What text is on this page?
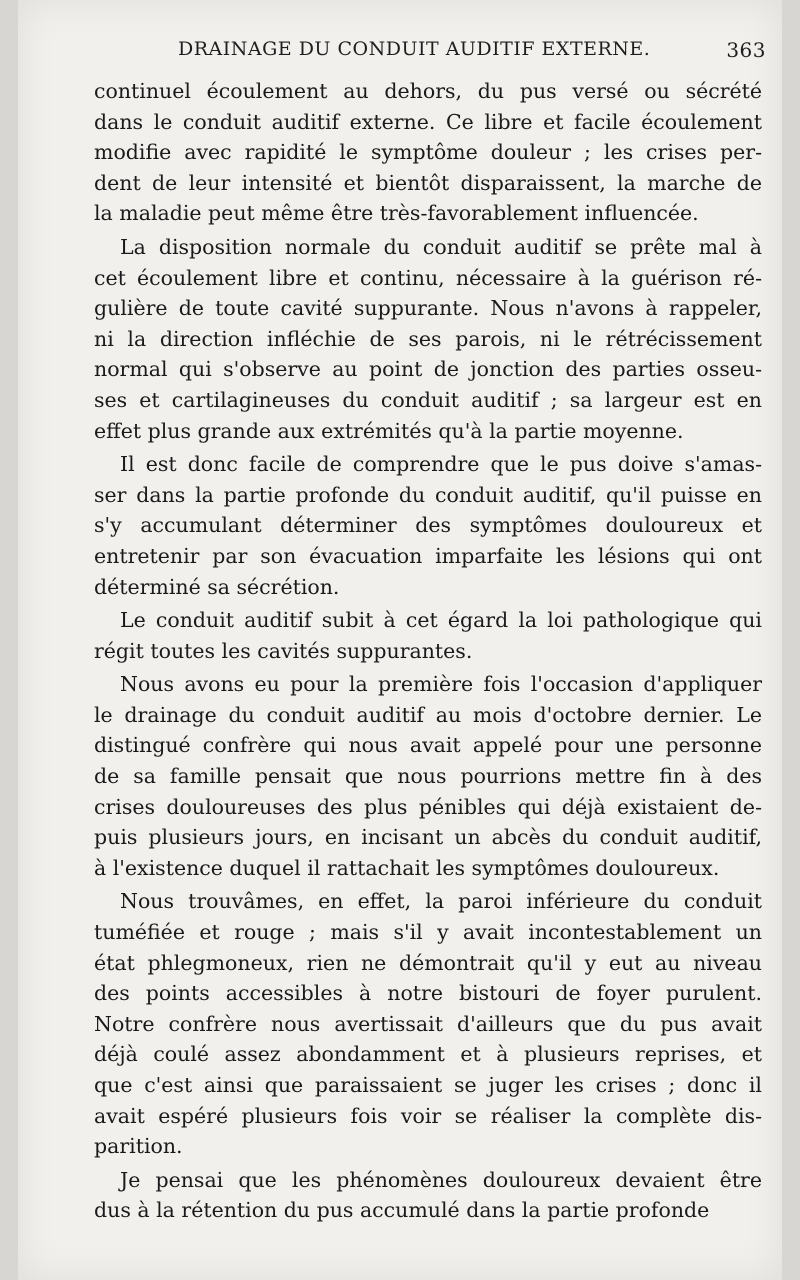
DRAINAGE DU CONDUIT AUDITIF EXTERNE.	363
continuel écoulement au dehors, du pus versé ou sécrété
dans le conduit auditif externe. Ce libre et facile écoulement
modifie avec rapidité le symptôme douleur ; les crises per-
dent de leur intensité et bientôt disparaissent, la marche de
la maladie peut même être très-favorablement influencée.
La disposition normale du conduit auditif se prête mal à
cet écoulement libre et continu, nécessaire à la guérison ré-
gulière de toute cavité suppurante. Nous n'avons à rappeler,
ni la direction infléchie de ses parois, ni le rétrécissement
normal qui s'observe au point de jonction des parties osseu-
ses et cartilagineuses du conduit auditif ; sa largeur est en
effet plus grande aux extrémités qu'à la partie moyenne.
Il est donc facile de comprendre que le pus doive s'amas-
ser dans la partie profonde du conduit auditif, qu'il puisse en
s'y accumulant déterminer des symptômes douloureux et
entretenir par son évacuation imparfaite les lésions qui ont
déterminé sa sécrétion.
Le conduit auditif subit à cet égard la loi pathologique qui
régit toutes les cavités suppurantes.
Nous avons eu pour la première fois l'occasion d'appliquer
le drainage du conduit auditif au mois d'octobre dernier. Le
distingué confrère qui nous avait appelé pour une personne
de sa famille pensait que nous pourrions mettre fin à des
crises douloureuses des plus pénibles qui déjà existaient de-
puis plusieurs jours, en incisant un abcès du conduit auditif,
à l'existence duquel il rattachait les symptômes douloureux.
Nous trouvâmes, en effet, la paroi inférieure du conduit
tuméfiée et rouge ; mais s'il y avait incontestablement un
état phlegmoneux, rien ne démontrait qu'il y eut au niveau
des points accessibles à notre bistouri de foyer purulent.
Notre confrère nous avertissait d'ailleurs que du pus avait
déjà coulé assez abondamment et à plusieurs reprises, et
que c'est ainsi que paraissaient se juger les crises ; donc il
avait espéré plusieurs fois voir se réaliser la complète dis-
parition.
Je pensai que les phénomènes douloureux devaient être
dus à la rétention du pus accumulé dans la partie profonde
